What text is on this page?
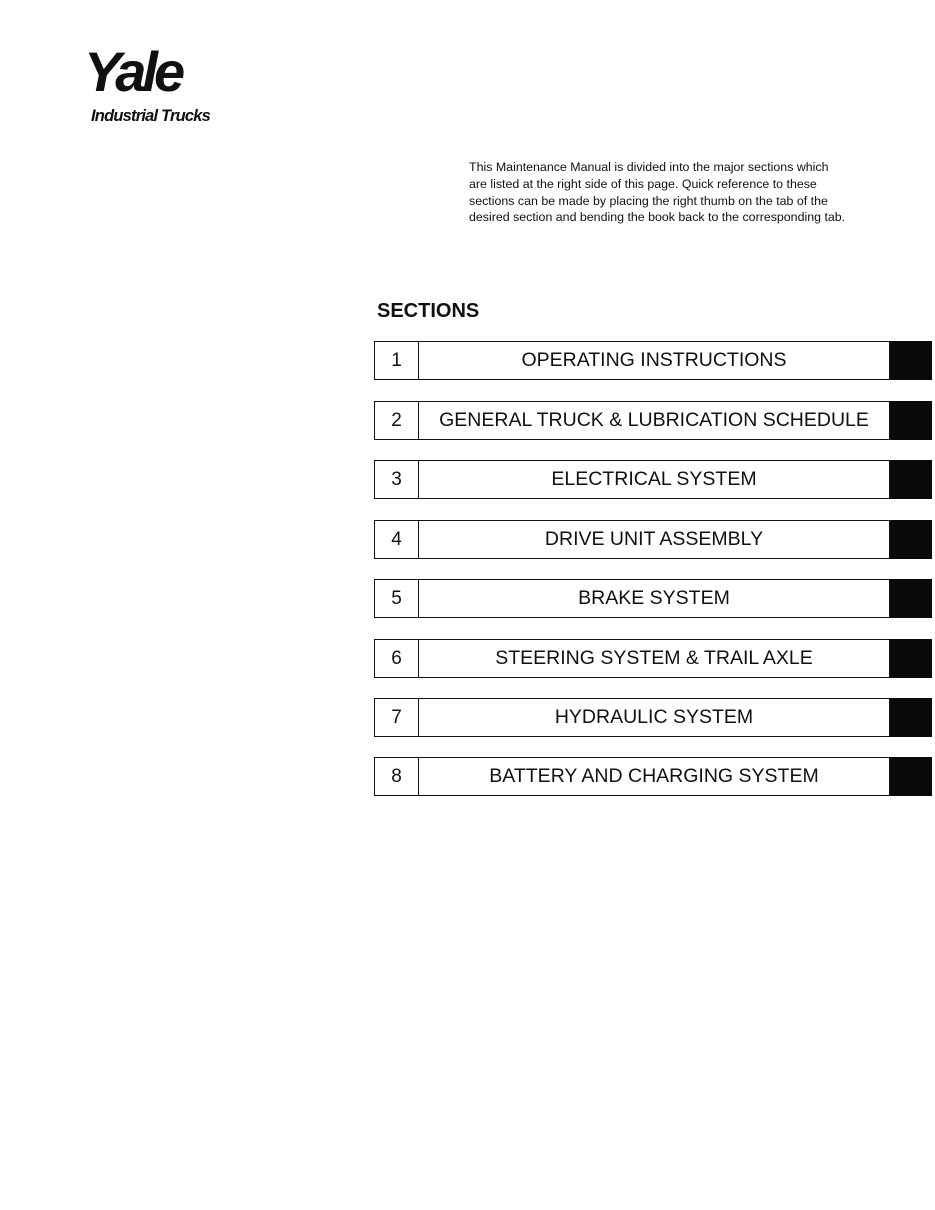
Yale
Industrial Trucks
This Maintenance Manual is divided into the major sections which are listed at the right side of this page. Quick reference to these sections can be made by placing the right thumb on the tab of the desired section and bending the book back to the corresponding tab.
SECTIONS
1	OPERATING INSTRUCTIONS
2	GENERAL TRUCK & LUBRICATION SCHEDULE
3	ELECTRICAL SYSTEM
4	DRIVE UNIT ASSEMBLY
5	BRAKE SYSTEM
6	STEERING SYSTEM & TRAIL AXLE
7	HYDRAULIC SYSTEM
8	BATTERY AND CHARGING SYSTEM
